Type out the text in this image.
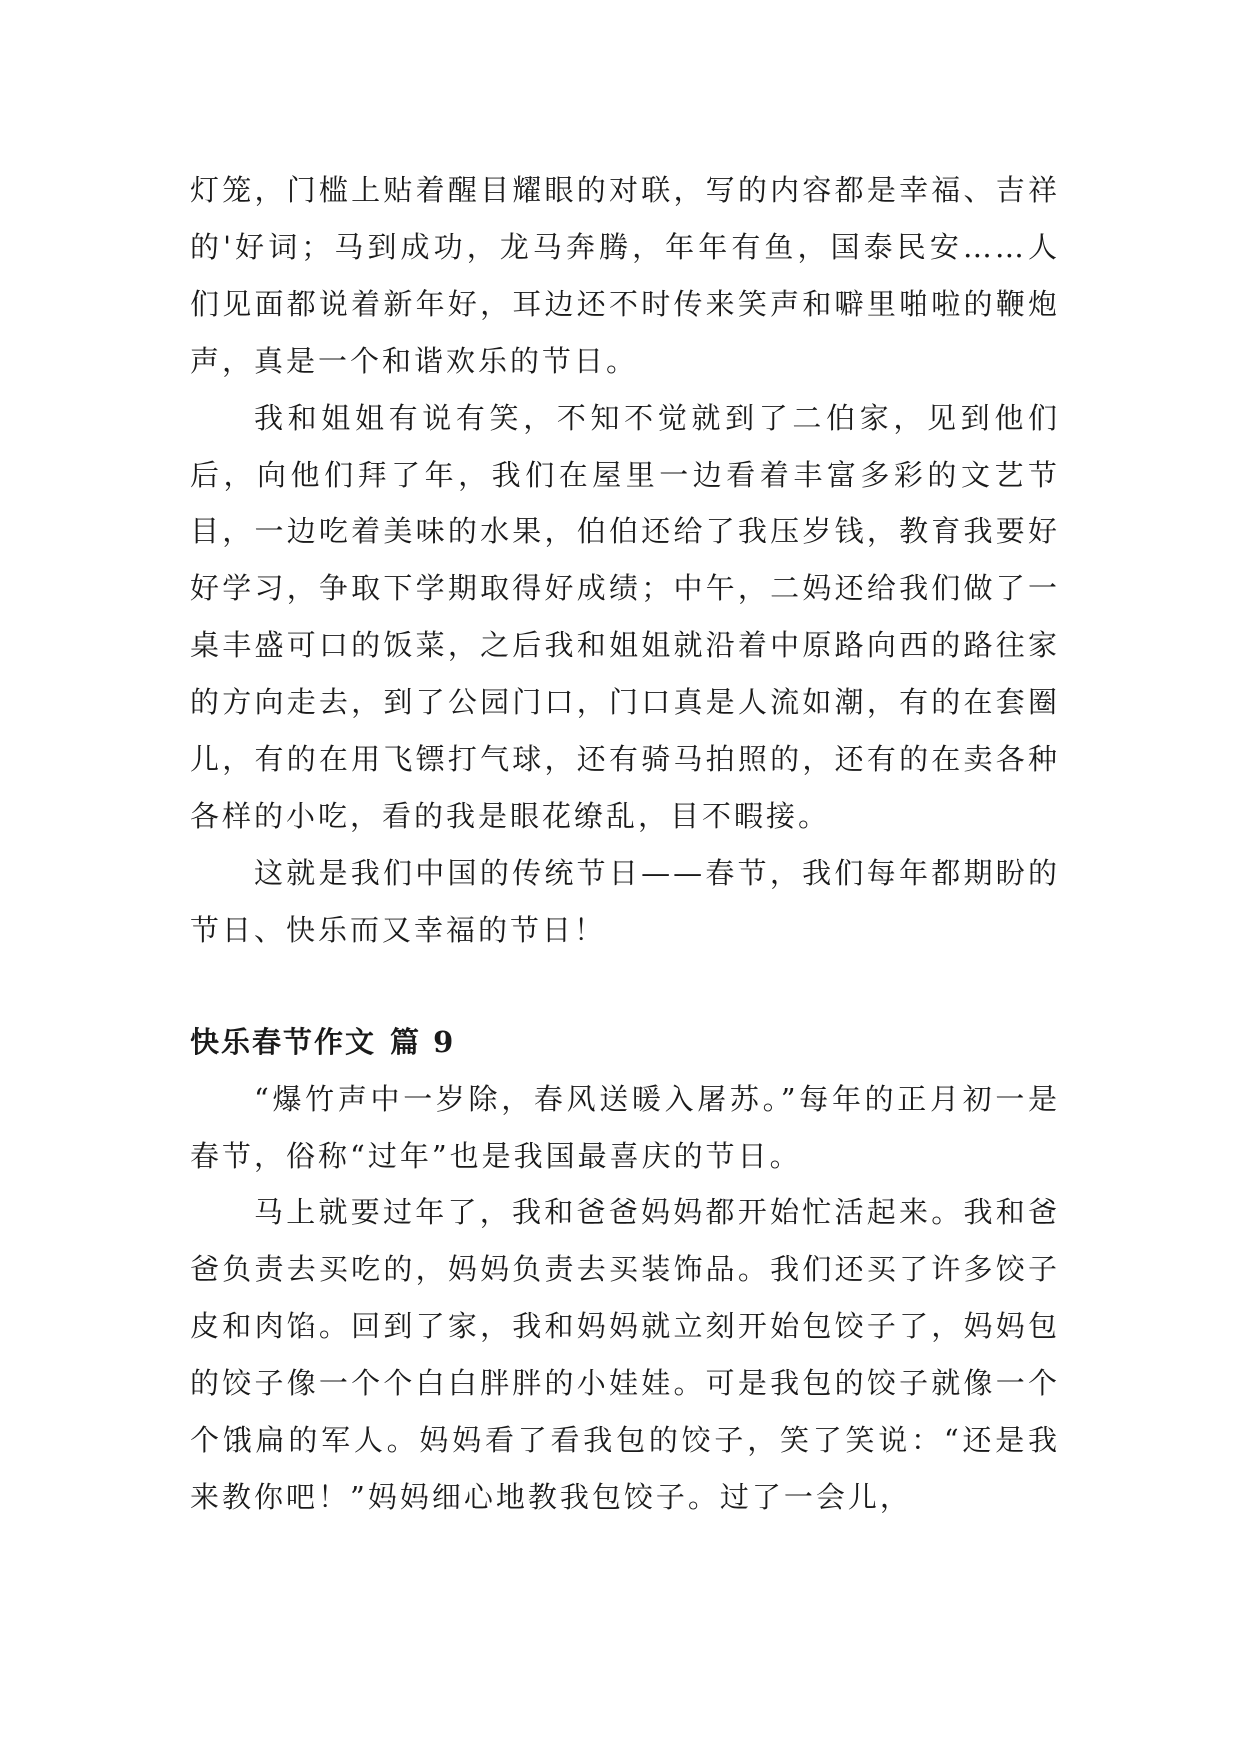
灯笼，门槛上贴着醒目耀眼的对联，写的内容都是幸福、吉祥的'好词；马到成功，龙马奔腾，年年有鱼，国泰民安……人们见面都说着新年好，耳边还不时传来笑声和噼里啪啦的鞭炮声，真是一个和谐欢乐的节日。

我和姐姐有说有笑，不知不觉就到了二伯家，见到他们后，向他们拜了年，我们在屋里一边看着丰富多彩的文艺节目，一边吃着美味的水果，伯伯还给了我压岁钱，教育我要好好学习，争取下学期取得好成绩；中午，二妈还给我们做了一桌丰盛可口的饭菜，之后我和姐姐就沿着中原路向西的路往家的方向走去，到了公园门口，门口真是人流如潮，有的在套圈儿，有的在用飞镖打气球，还有骑马拍照的，还有的在卖各种各样的小吃，看的我是眼花缭乱，目不暇接。

这就是我们中国的传统节日——春节，我们每年都期盼的节日、快乐而又幸福的节日！

快乐春节作文 篇 9

“爆竹声中一岁除，春风送暖入屠苏。”每年的正月初一是春节，俗称“过年”也是我国最喜庆的节日。

马上就要过年了，我和爸爸妈妈都开始忙活起来。我和爸爸负责去买吃的，妈妈负责去买装饰品。我们还买了许多饺子皮和肉馅。回到了家，我和妈妈就立刻开始包饺子了，妈妈包的饺子像一个个白白胖胖的小娃娃。可是我包的饺子就像一个个饿扁的军人。妈妈看了看我包的饺子，笑了笑说：“还是我来教你吧！”妈妈细心地教我包饺子。过了一会儿，
